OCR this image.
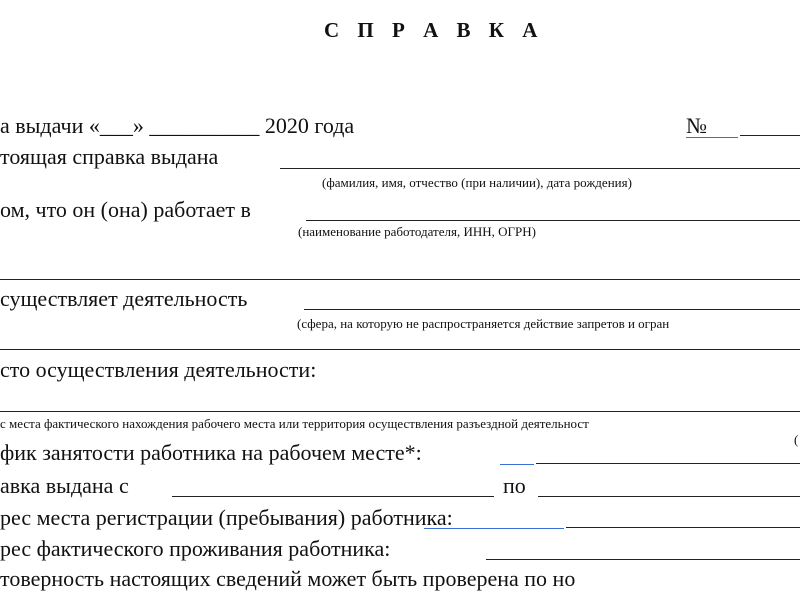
С П Р А В К А
а выдачи «___» __________ 2020 года	№
тоящая справка выдана
(фамилия, имя, отчество (при наличии), дата рождения)
ом, что он (она) работает в
(наименование работодателя, ИНН, ОГРН)
существляет деятельность
(сфера, на которую не распространяется действие запретов и огран
сто осуществления деятельности:
с места фактического нахождения рабочего места или территория осуществления разъездной деятельност
(
фик занятости работника на рабочем месте*:
авка выдана с	по
рес места регистрации (пребывания) работника:
рес фактического проживания работника:
товерность настоящих сведений может быть проверена по но
